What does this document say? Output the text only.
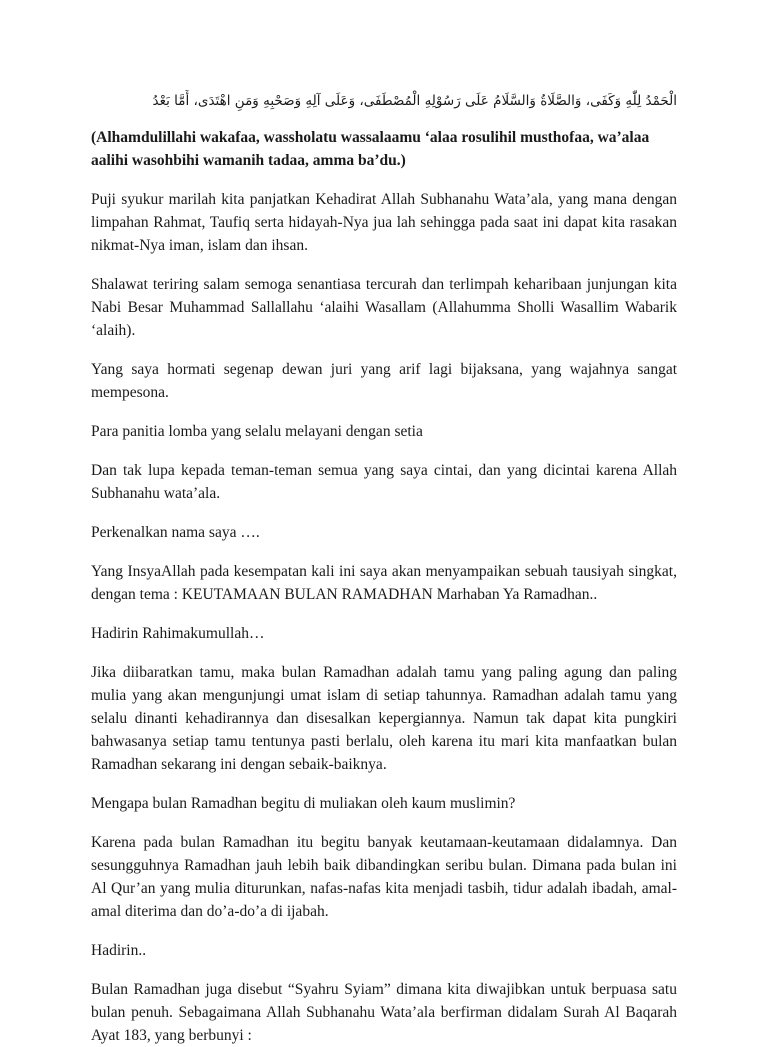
الْحَمْدُ لِلّٰهِ وَكَفَى، وَالصَّلَاةُ وَالسَّلَامُ عَلَى رَسُوْلِهِ الْمُصْطَفَى، وَعَلَى آلِهِ وَصَحْبِهِ وَمَنِ اهْتَدَى، أَمَّا بَعْدُ

(Alhamdulillahi wakafaa, wassholatu wassalaamu ‘alaa rosulihil musthofaa, wa’alaa aalihi wasohbihi wamanih tadaa, amma ba’du.)

Puji syukur marilah kita panjatkan Kehadirat Allah Subhanahu Wata’ala, yang mana dengan limpahan Rahmat, Taufiq serta hidayah-Nya jua lah sehingga pada saat ini dapat kita rasakan nikmat-Nya iman, islam dan ihsan.

Shalawat teriring salam semoga senantiasa tercurah dan terlimpah keharibaan junjungan kita Nabi Besar Muhammad Sallallahu ‘alaihi Wasallam (Allahumma Sholli Wasallim Wabarik ‘alaih).

Yang saya hormati segenap dewan juri yang arif lagi bijaksana, yang wajahnya sangat mempesona.

Para panitia lomba yang selalu melayani dengan setia

Dan tak lupa kepada teman-teman semua yang saya cintai, dan yang dicintai karena Allah Subhanahu wata’ala.

Perkenalkan nama saya ….

Yang InsyaAllah pada kesempatan kali ini saya akan menyampaikan sebuah tausiyah singkat, dengan tema : KEUTAMAAN BULAN RAMADHAN Marhaban Ya Ramadhan..

Hadirin Rahimakumullah…

Jika diibaratkan tamu, maka bulan Ramadhan adalah tamu yang paling agung dan paling mulia yang akan mengunjungi umat islam di setiap tahunnya. Ramadhan adalah tamu yang selalu dinanti kehadirannya dan disesalkan kepergiannya. Namun tak dapat kita pungkiri bahwasanya setiap tamu tentunya pasti berlalu, oleh karena itu mari kita manfaatkan bulan Ramadhan sekarang ini dengan sebaik-baiknya.

Mengapa bulan Ramadhan begitu di muliakan oleh kaum muslimin?

Karena pada bulan Ramadhan itu begitu banyak keutamaan-keutamaan didalamnya. Dan sesungguhnya Ramadhan jauh lebih baik dibandingkan seribu bulan. Dimana pada bulan ini Al Qur’an yang mulia diturunkan, nafas-nafas kita menjadi tasbih, tidur adalah ibadah, amal-amal diterima dan do’a-do’a di ijabah.

Hadirin..

Bulan Ramadhan juga disebut “Syahru Syiam” dimana kita diwajibkan untuk berpuasa satu bulan penuh. Sebagaimana Allah Subhanahu Wata’ala berfirman didalam Surah Al Baqarah Ayat 183, yang berbunyi :
